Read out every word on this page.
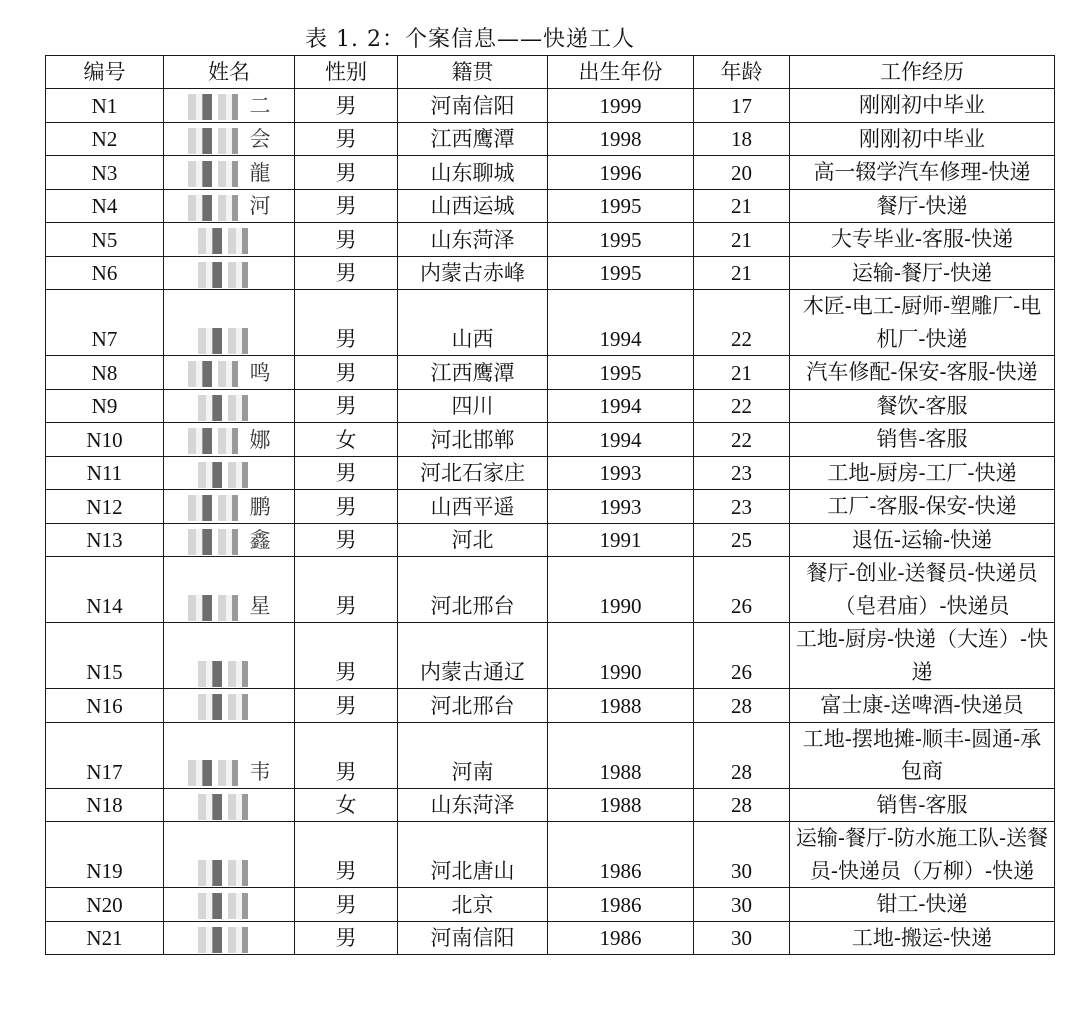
表 1. 2：个案信息——快递工人
编号	姓名	性别	籍贯	出生年份	年龄	工作经历
N1	二	男	河南信阳	1999	17	刚刚初中毕业
N2	会	男	江西鹰潭	1998	18	刚刚初中毕业
N3	龍	男	山东聊城	1996	20	高一辍学汽车修理-快递
N4	河	男	山西运城	1995	21	餐厅-快递
N5		男	山东菏泽	1995	21	大专毕业-客服-快递
N6		男	内蒙古赤峰	1995	21	运输-餐厅-快递
N7		男	山西	1994	22	木匠-电工-厨师-塑雕厂-电机厂-快递
N8	鸣	男	江西鹰潭	1995	21	汽车修配-保安-客服-快递
N9		男	四川	1994	22	餐饮-客服
N10	娜	女	河北邯郸	1994	22	销售-客服
N11		男	河北石家庄	1993	23	工地-厨房-工厂-快递
N12	鹏	男	山西平遥	1993	23	工厂-客服-保安-快递
N13	鑫	男	河北	1991	25	退伍-运输-快递
N14	星	男	河北邢台	1990	26	餐厅-创业-送餐员-快递员（皂君庙）-快递员
N15		男	内蒙古通辽	1990	26	工地-厨房-快递（大连）-快递
N16		男	河北邢台	1988	28	富士康-送啤酒-快递员
N17	韦	男	河南	1988	28	工地-摆地摊-顺丰-圆通-承包商
N18		女	山东菏泽	1988	28	销售-客服
N19		男	河北唐山	1986	30	运输-餐厅-防水施工队-送餐员-快递员（万柳）-快递
N20		男	北京	1986	30	钳工-快递
N21		男	河南信阳	1986	30	工地-搬运-快递
